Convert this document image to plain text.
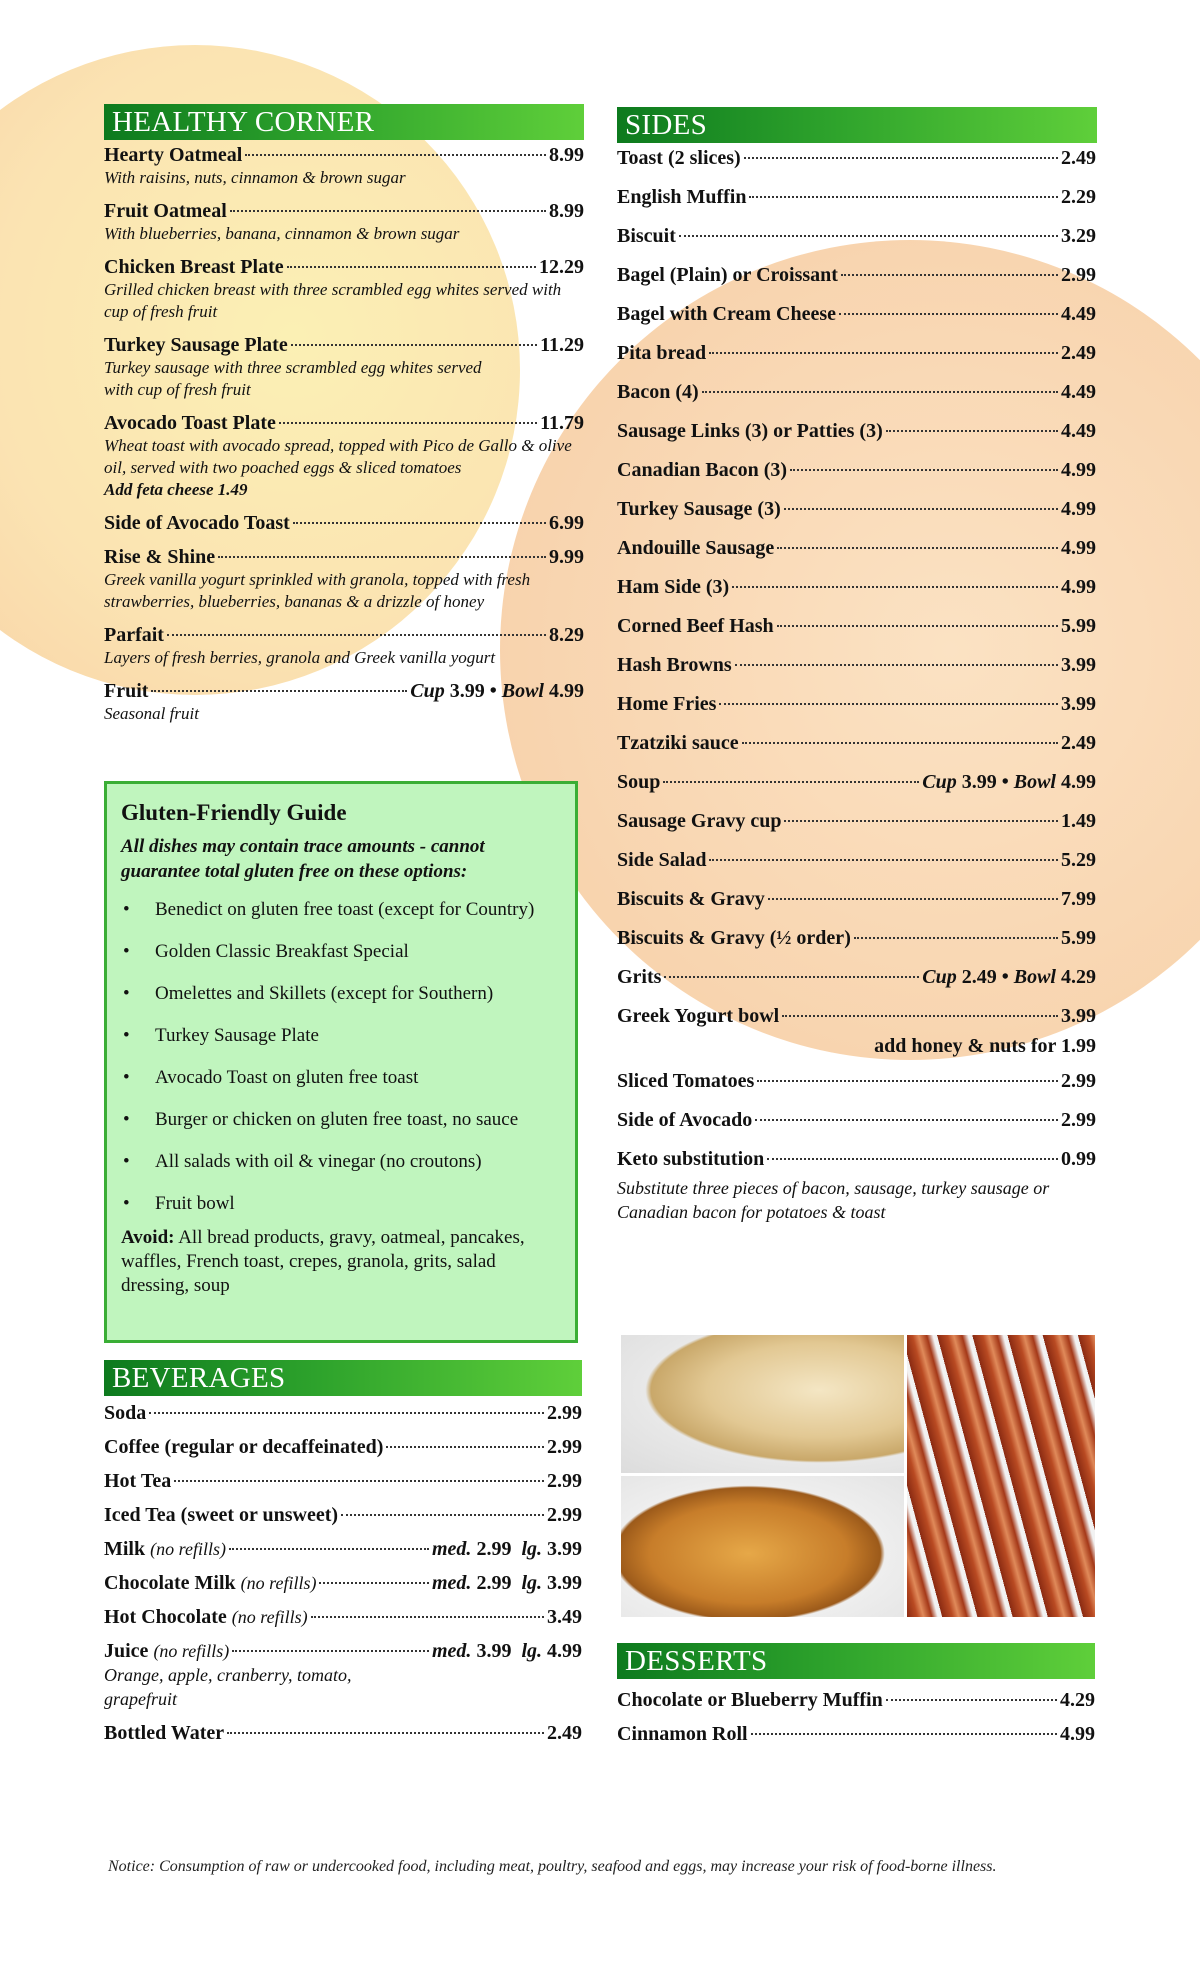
HEALTHY CORNER
Hearty Oatmeal	8.99
With raisins, nuts, cinnamon & brown sugar
Fruit Oatmeal	8.99
With blueberries, banana, cinnamon & brown sugar
Chicken Breast Plate	12.29
Grilled chicken breast with three scrambled egg whites served with cup of fresh fruit
Turkey Sausage Plate	11.29
Turkey sausage with three scrambled egg whites served with cup of fresh fruit
Avocado Toast Plate	11.79
Wheat toast with avocado spread, topped with Pico de Gallo & olive oil, served with two poached eggs & sliced tomatoes
Add feta cheese 1.49
Side of Avocado Toast	6.99
Rise & Shine	9.99
Greek vanilla yogurt sprinkled with granola, topped with fresh strawberries, blueberries, bananas & a drizzle of honey
Parfait	8.29
Layers of fresh berries, granola and Greek vanilla yogurt
Fruit	Cup 3.99 • Bowl 4.99
Seasonal fruit
Gluten-Friendly Guide
All dishes may contain trace amounts - cannot guarantee total gluten free on these options:
• Benedict on gluten free toast (except for Country)
• Golden Classic Breakfast Special
• Omelettes and Skillets (except for Southern)
• Turkey Sausage Plate
• Avocado Toast on gluten free toast
• Burger or chicken on gluten free toast, no sauce
• All salads with oil & vinegar (no croutons)
• Fruit bowl
Avoid: All bread products, gravy, oatmeal, pancakes, waffles, French toast, crepes, granola, grits, salad dressing, soup
BEVERAGES
Soda	2.99
Coffee (regular or decaffeinated)	2.99
Hot Tea	2.99
Iced Tea (sweet or unsweet)	2.99
Milk (no refills)	med. 2.99 lg. 3.99
Chocolate Milk (no refills)	med. 2.99 lg. 3.99
Hot Chocolate (no refills)	3.49
Juice (no refills)	med. 3.99 lg. 4.99
Orange, apple, cranberry, tomato, grapefruit
Bottled Water	2.49
SIDES
Toast (2 slices)	2.49
English Muffin	2.29
Biscuit	3.29
Bagel (Plain) or Croissant	2.99
Bagel with Cream Cheese	4.49
Pita bread	2.49
Bacon (4)	4.49
Sausage Links (3) or Patties (3)	4.49
Canadian Bacon (3)	4.99
Turkey Sausage (3)	4.99
Andouille Sausage	4.99
Ham Side (3)	4.99
Corned Beef Hash	5.99
Hash Browns	3.99
Home Fries	3.99
Tzatziki sauce	2.49
Soup	Cup 3.99 • Bowl 4.99
Sausage Gravy cup	1.49
Side Salad	5.29
Biscuits & Gravy	7.99
Biscuits & Gravy (½ order)	5.99
Grits	Cup 2.49 • Bowl 4.29
Greek Yogurt bowl	3.99
add honey & nuts for 1.99
Sliced Tomatoes	2.99
Side of Avocado	2.99
Keto substitution	0.99
Substitute three pieces of bacon, sausage, turkey sausage or Canadian bacon for potatoes & toast
DESSERTS
Chocolate or Blueberry Muffin	4.29
Cinnamon Roll	4.99
Notice: Consumption of raw or undercooked food, including meat, poultry, seafood and eggs, may increase your risk of food-borne illness.
